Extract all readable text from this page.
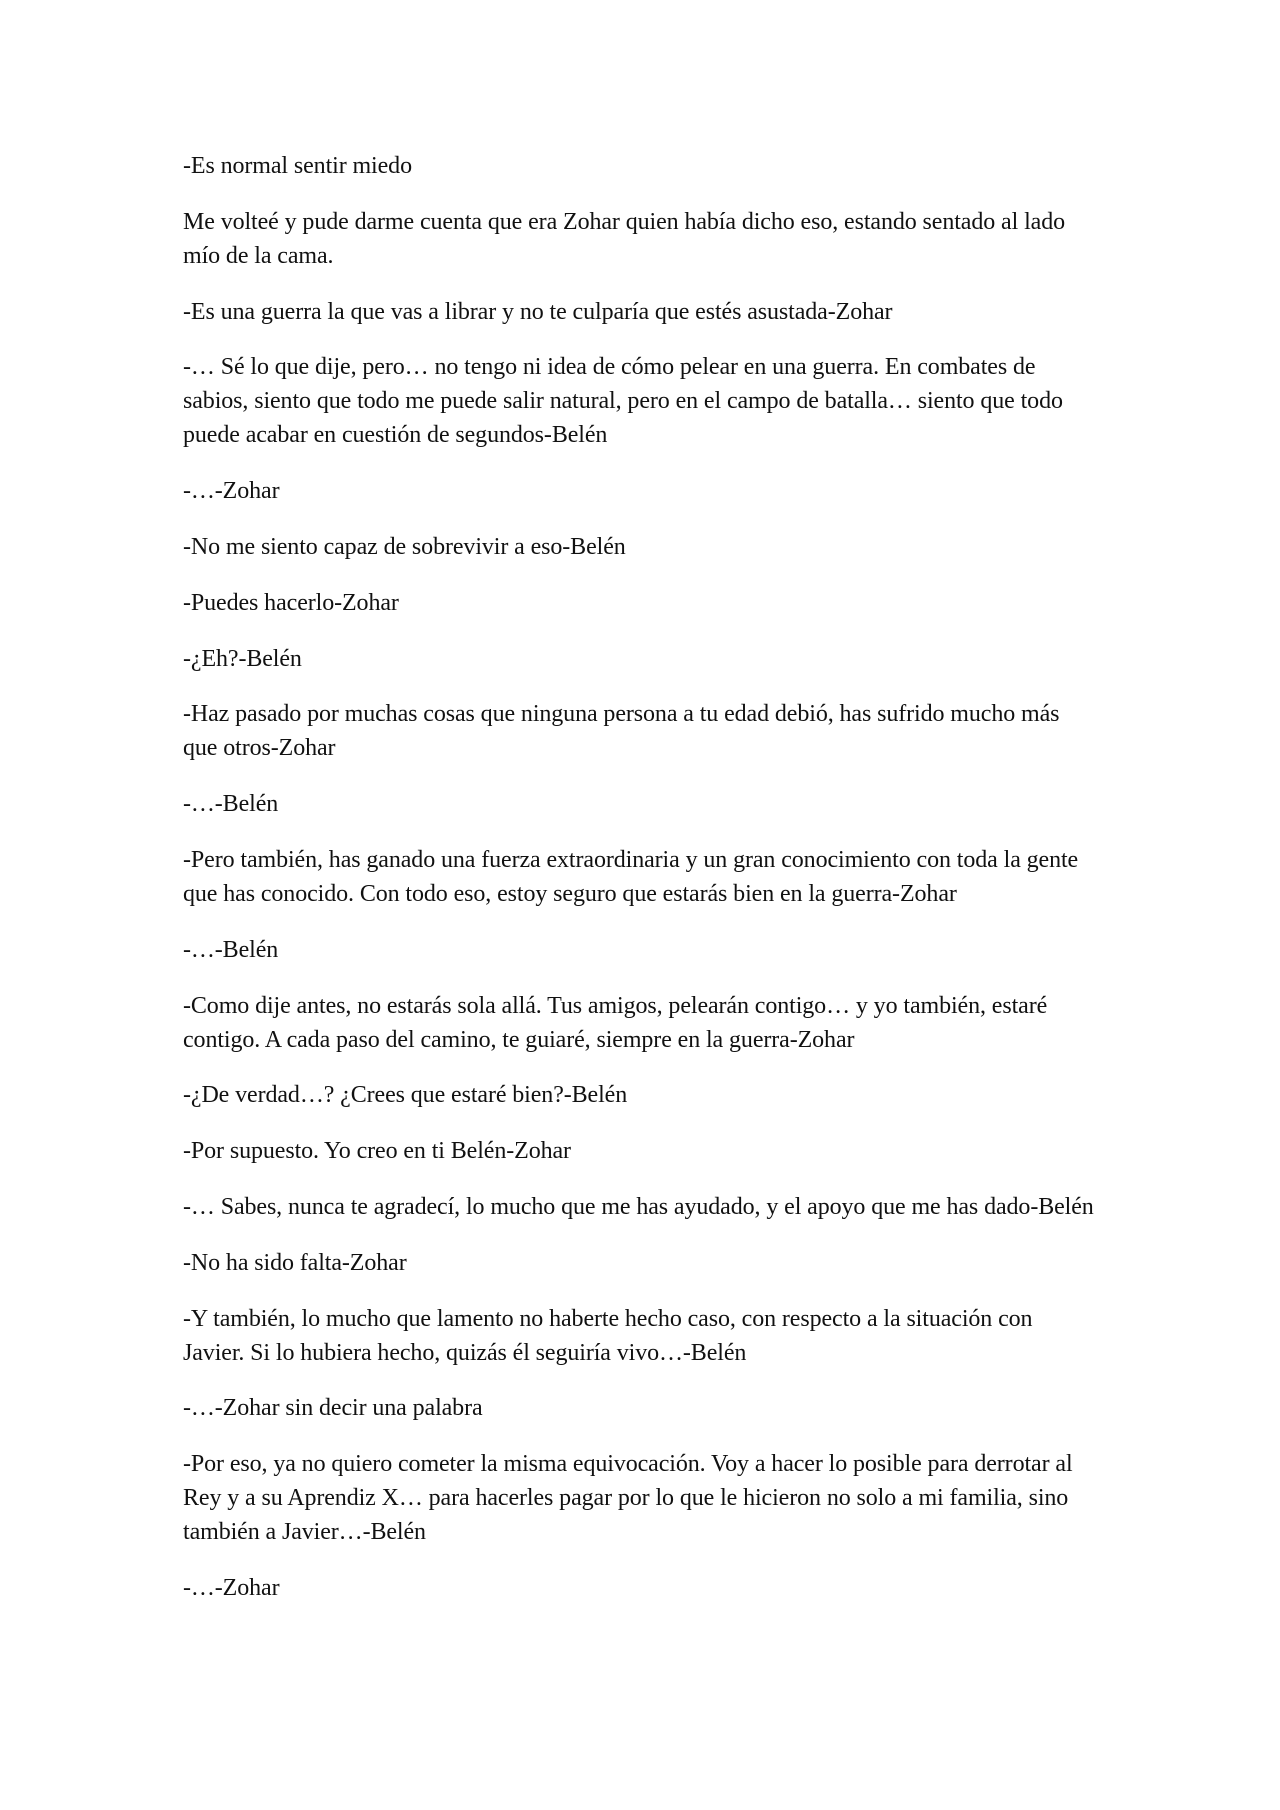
-Es normal sentir miedo

Me volteé y pude darme cuenta que era Zohar quien había dicho eso, estando sentado al lado mío de la cama.

-Es una guerra la que vas a librar y no te culparía que estés asustada-Zohar

-… Sé lo que dije, pero… no tengo ni idea de cómo pelear en una guerra. En combates de sabios, siento que todo me puede salir natural, pero en el campo de batalla… siento que todo puede acabar en cuestión de segundos-Belén

-…-Zohar

-No me siento capaz de sobrevivir a eso-Belén

-Puedes hacerlo-Zohar

-¿Eh?-Belén

-Haz pasado por muchas cosas que ninguna persona a tu edad debió, has sufrido mucho más que otros-Zohar

-…-Belén

-Pero también, has ganado una fuerza extraordinaria y un gran conocimiento con toda la gente que has conocido. Con todo eso, estoy seguro que estarás bien en la guerra-Zohar

-…-Belén

-Como dije antes, no estarás sola allá. Tus amigos, pelearán contigo… y yo también, estaré contigo. A cada paso del camino, te guiaré, siempre en la guerra-Zohar

-¿De verdad…? ¿Crees que estaré bien?-Belén

-Por supuesto. Yo creo en ti Belén-Zohar

-… Sabes, nunca te agradecí, lo mucho que me has ayudado, y el apoyo que me has dado-Belén

-No ha sido falta-Zohar

-Y también, lo mucho que lamento no haberte hecho caso, con respecto a la situación con Javier. Si lo hubiera hecho, quizás él seguiría vivo…-Belén

-…-Zohar sin decir una palabra

-Por eso, ya no quiero cometer la misma equivocación. Voy a hacer lo posible para derrotar al Rey y a su Aprendiz X… para hacerles pagar por lo que le hicieron no solo a mi familia, sino también a Javier…-Belén

-…-Zohar
